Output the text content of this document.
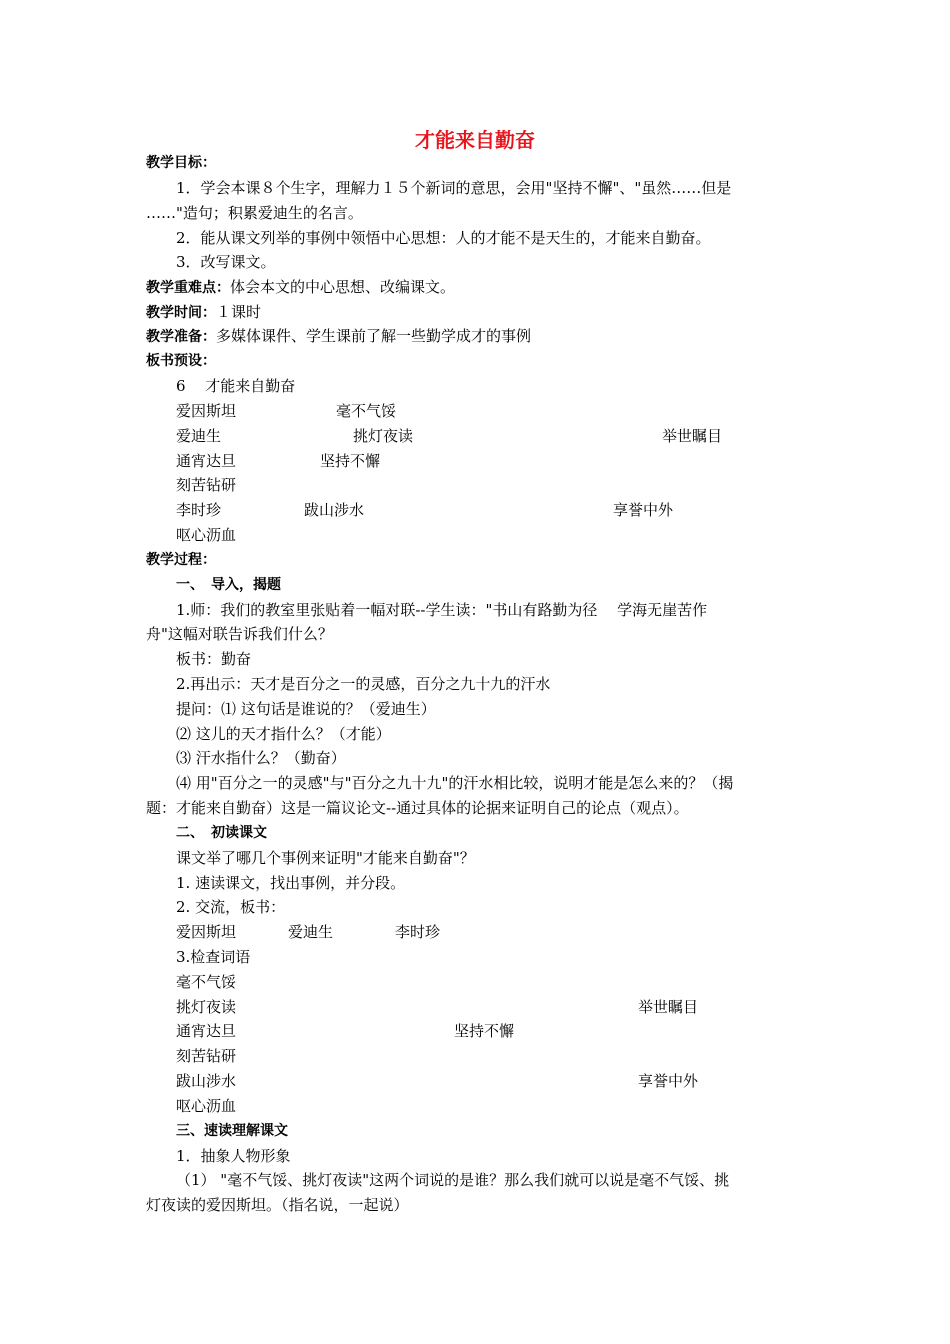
才能来自勤奋
教学目标：
1．学会本课８个生字，理解力１５个新词的意思，会用"坚持不懈"、"虽然……但是
……"造句；积累爱迪生的名言。
2．能从课文列举的事例中领悟中心思想：人的才能不是天生的，才能来自勤奋。
3．改写课文。
教学重难点：体会本文的中心思想、改编课文。
教学时间：１课时
教学准备：多媒体课件、学生课前了解一些勤学成才的事例
板书预设：
6　 才能来自勤奋
爱因斯坦	毫不气馁
爱迪生	挑灯夜读	举世瞩目
通宵达旦	坚持不懈
刻苦钻研
李时珍	跋山涉水	享誉中外
呕心沥血
教学过程：
一、　导入，揭题
1.师：我们的教室里张贴着一幅对联--学生读："书山有路勤为径　 学海无崖苦作
舟"这幅对联告诉我们什么？
板书：勤奋
2.再出示：天才是百分之一的灵感，百分之九十九的汗水
提问：⑴ 这句话是谁说的？（爱迪生）
⑵ 这儿的天才指什么？（才能）
⑶ 汗水指什么？（勤奋）
⑷ 用"百分之一的灵感"与"百分之九十九"的汗水相比较，说明才能是怎么来的？（揭
题：才能来自勤奋）这是一篇议论文--通过具体的论据来证明自己的论点（观点）。
二、　初读课文
课文举了哪几个事例来证明"才能来自勤奋"？
1. 速读课文，找出事例，并分段。
2. 交流，板书：
爱因斯坦	爱迪生	李时珍
3.检查词语
毫不气馁
挑灯夜读	举世瞩目
通宵达旦	坚持不懈
刻苦钻研
跋山涉水	享誉中外
呕心沥血
三、速读理解课文
1．抽象人物形象
（1） "毫不气馁、挑灯夜读"这两个词说的是谁？那么我们就可以说是毫不气馁、挑
灯夜读的爱因斯坦。（指名说，一起说）
